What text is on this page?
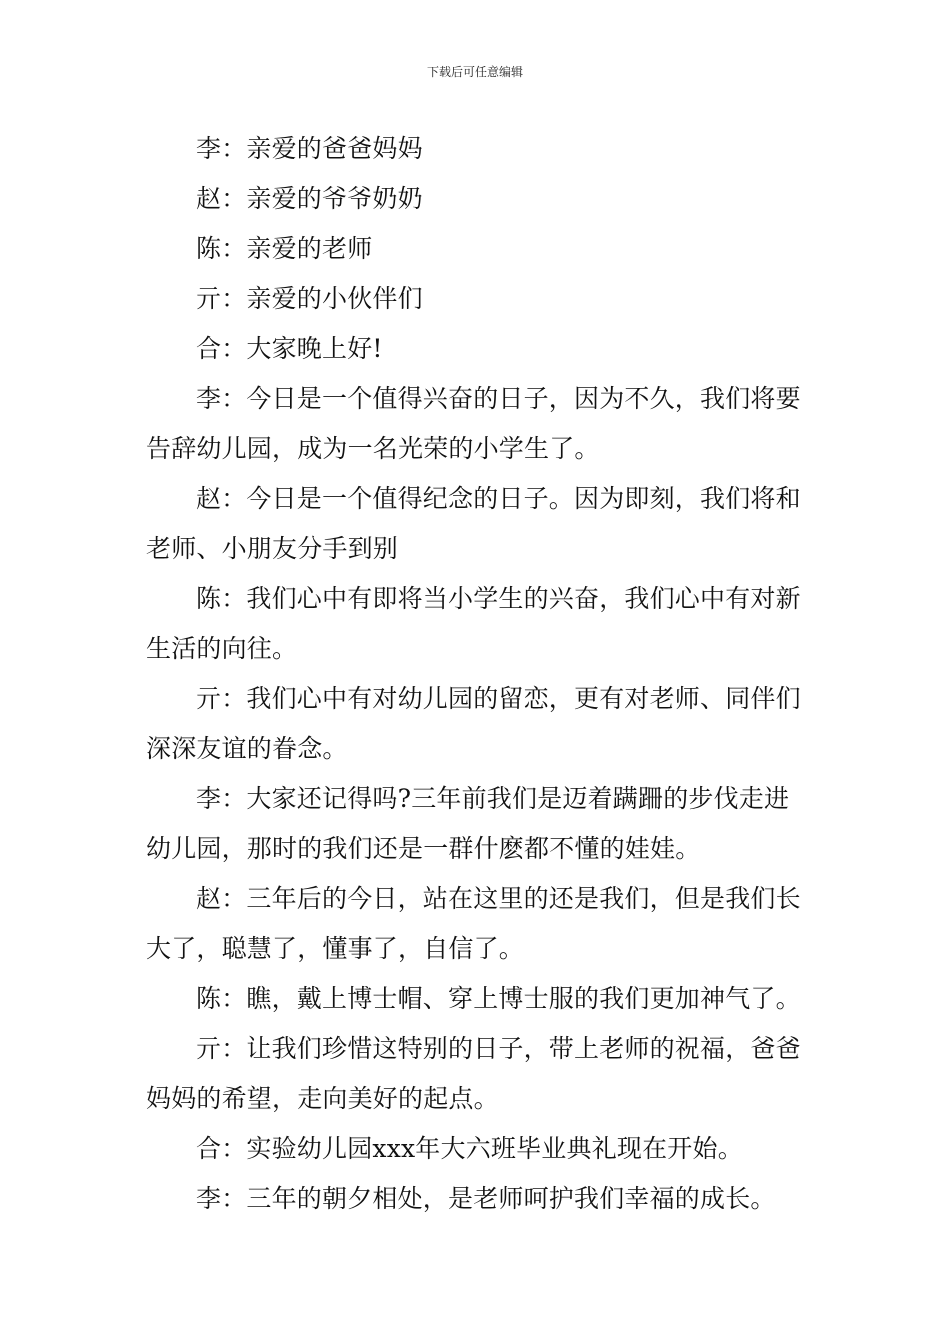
下载后可任意编辑

李：亲爱的爸爸妈妈

赵：亲爱的爷爷奶奶

陈：亲爱的老师

亓：亲爱的小伙伴们

合：大家晚上好!

李：今日是一个值得兴奋的日子，因为不久，我们将要告辞幼儿园，成为一名光荣的小学生了。

赵：今日是一个值得纪念的日子。因为即刻，我们将和老师、小朋友分手到别

陈：我们心中有即将当小学生的兴奋，我们心中有对新生活的向往。

亓：我们心中有对幼儿园的留恋，更有对老师、同伴们深深友谊的眷念。

李：大家还记得吗?三年前我们是迈着蹒跚的步伐走进幼儿园，那时的我们还是一群什麽都不懂的娃娃。

赵：三年后的今日，站在这里的还是我们，但是我们长大了，聪慧了，懂事了，自信了。

陈：瞧，戴上博士帽、穿上博士服的我们更加神气了。

亓：让我们珍惜这特别的日子，带上老师的祝福，爸爸妈妈的希望，走向美好的起点。

合：实验幼儿园xxx年大六班毕业典礼现在开始。

李：三年的朝夕相处，是老师呵护我们幸福的成长。
